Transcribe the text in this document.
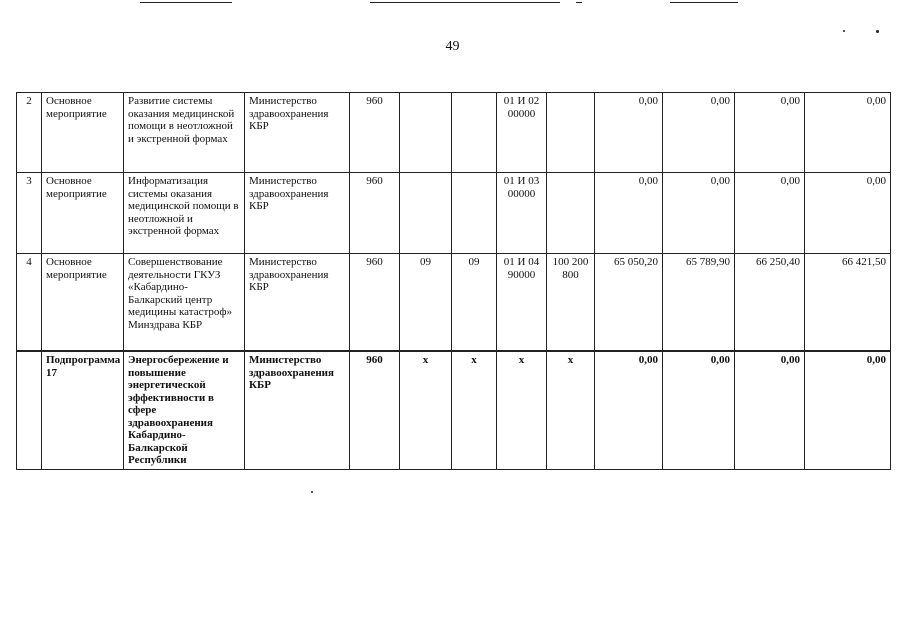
49
2	Основное мероприятие	Развитие системы оказания медицинской помощи в неотложной и экстренной формах	Министерство здравоохранения КБР	960			01 И 02 00000		0,00	0,00	0,00	0,00
3	Основное мероприятие	Информатизация системы оказания медицинской помощи в неотложной и экстренной формах	Министерство здравоохранения КБР	960			01 И 03 00000		0,00	0,00	0,00	0,00
4	Основное мероприятие	Совершенствование деятельности ГКУЗ «Кабардино-Балкарский центр медицины катастроф» Минздрава КБР	Министерство здравоохранения КБР	960	09	09	01 И 04 90000	100 200 800	65 050,20	65 789,90	66 250,40	66 421,50
	Подпрограмма 17	Энергосбережение и повышение энергетической эффективности в сфере здравоохранения Кабардино-Балкарской Республики	Министерство здравоохранения КБР	960	x	x	x	x	0,00	0,00	0,00	0,00
